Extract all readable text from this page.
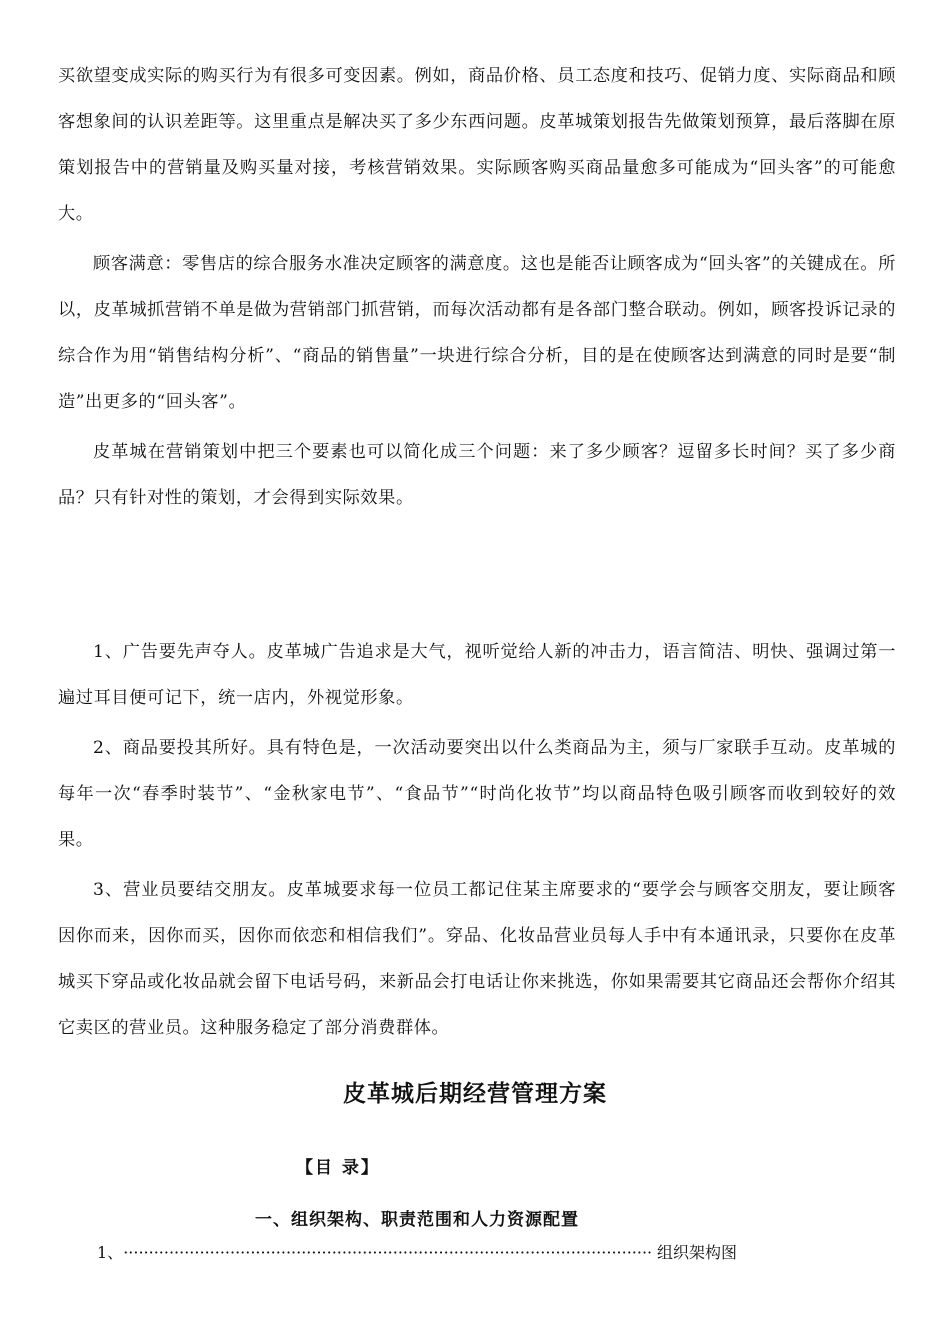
买欲望变成实际的购买行为有很多可变因素。例如，商品价格、员工态度和技巧、促销力度、实际商品和顾客想象间的认识差距等。这里重点是解决买了多少东西问题。皮革城策划报告先做策划预算，最后落脚在原策划报告中的营销量及购买量对接，考核营销效果。实际顾客购买商品量愈多可能成为“回头客”的可能愈大。

顾客满意：零售店的综合服务水准决定顾客的满意度。这也是能否让顾客成为“回头客”的关键成在。所以，皮革城抓营销不单是做为营销部门抓营销，而每次活动都有是各部门整合联动。例如，顾客投诉记录的综合作为用“销售结构分析”、“商品的销售量”一块进行综合分析，目的是在使顾客达到满意的同时是要“制造”出更多的“回头客”。

皮革城在营销策划中把三个要素也可以简化成三个问题：来了多少顾客？逗留多长时间？买了多少商品？只有针对性的策划，才会得到实际效果。

1、广告要先声夺人。皮革城广告追求是大气，视听觉给人新的冲击力，语言简洁、明快、强调过第一遍过耳目便可记下，统一店内，外视觉形象。

2、商品要投其所好。具有特色是，一次活动要突出以什么类商品为主，须与厂家联手互动。皮革城的每年一次“春季时装节”、“金秋家电节”、“食品节”“时尚化妆节”均以商品特色吸引顾客而收到较好的效果。

3、营业员要结交朋友。皮革城要求每一位员工都记住某主席要求的“要学会与顾客交朋友，要让顾客因你而来，因你而买，因你而依恋和相信我们”。穿品、化妆品营业员每人手中有本通讯录，只要你在皮革城买下穿品或化妆品就会留下电话号码，来新品会打电话让你来挑选，你如果需要其它商品还会帮你介绍其它卖区的营业员。这种服务稳定了部分消费群体。

皮革城后期经营管理方案
【目 录】
一、组织架构、职责范围和人力资源配置
1、 ········································································································ 组织架构图
